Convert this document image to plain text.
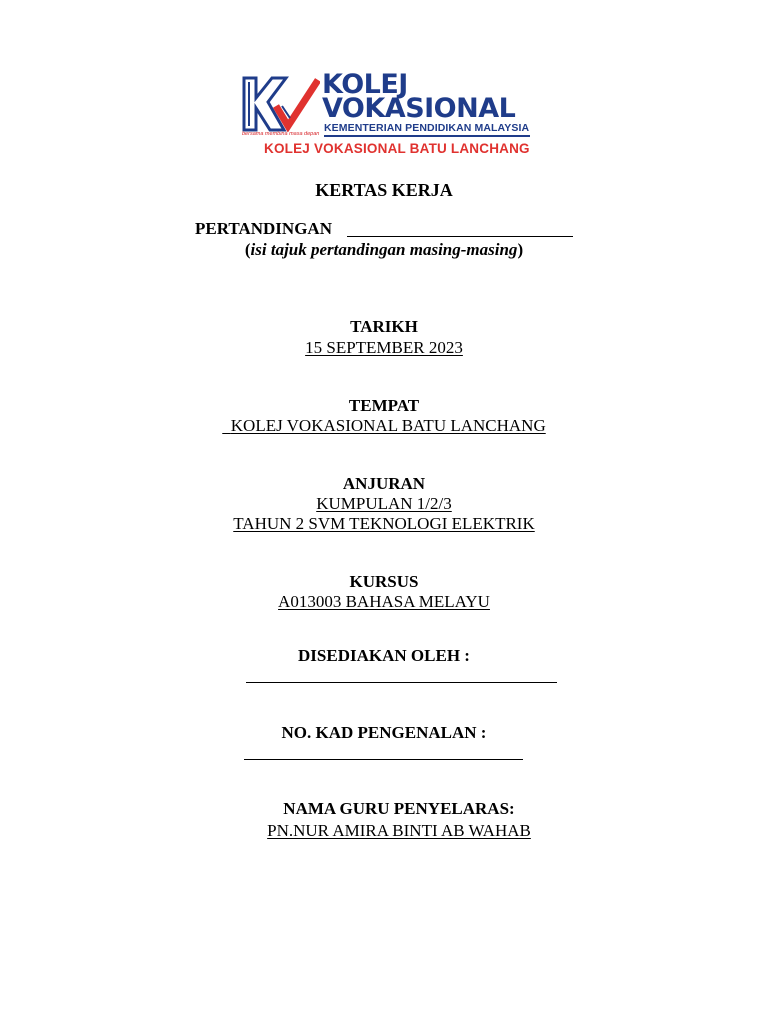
KOLEJ
VOKASIONAL
KEMENTERIAN PENDIDIKAN MALAYSIA
bersama membina masa depan
KOLEJ VOKASIONAL BATU LANCHANG
KERTAS KERJA
PERTANDINGAN
(isi tajuk pertandingan masing-masing)
TARIKH
15 SEPTEMBER 2023
TEMPAT
KOLEJ VOKASIONAL BATU LANCHANG
ANJURAN
KUMPULAN 1/2/3
TAHUN 2 SVM TEKNOLOGI ELEKTRIK
KURSUS
A013003 BAHASA MELAYU
DISEDIAKAN OLEH :
NO. KAD PENGENALAN :
NAMA GURU PENYELARAS:
PN.NUR AMIRA BINTI AB WAHAB
